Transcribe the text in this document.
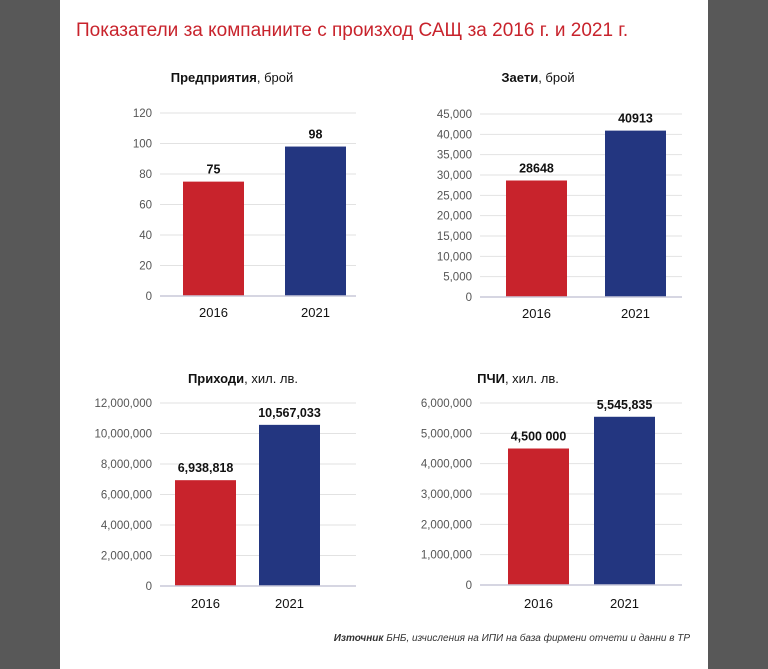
Показатели за компаниите с произход САЩ за 2016 г. и 2021 г.
Предприятия, брой
0
20
40
60
80
100
120
75
2016
98
2021
Заети, брой
0
5,000
10,000
15,000
20,000
25,000
30,000
35,000
40,000
45,000
28648
2016
40913
2021
Приходи, хил. лв.
0
2,000,000
4,000,000
6,000,000
8,000,000
10,000,000
12,000,000
6,938,818
2016
10,567,033
2021
ПЧИ, хил. лв.
0
1,000,000
2,000,000
3,000,000
4,000,000
5,000,000
6,000,000
4,500 000
2016
5,545,835
2021
Източник БНБ, изчисления на ИПИ на база фирмени отчети и данни в ТР
